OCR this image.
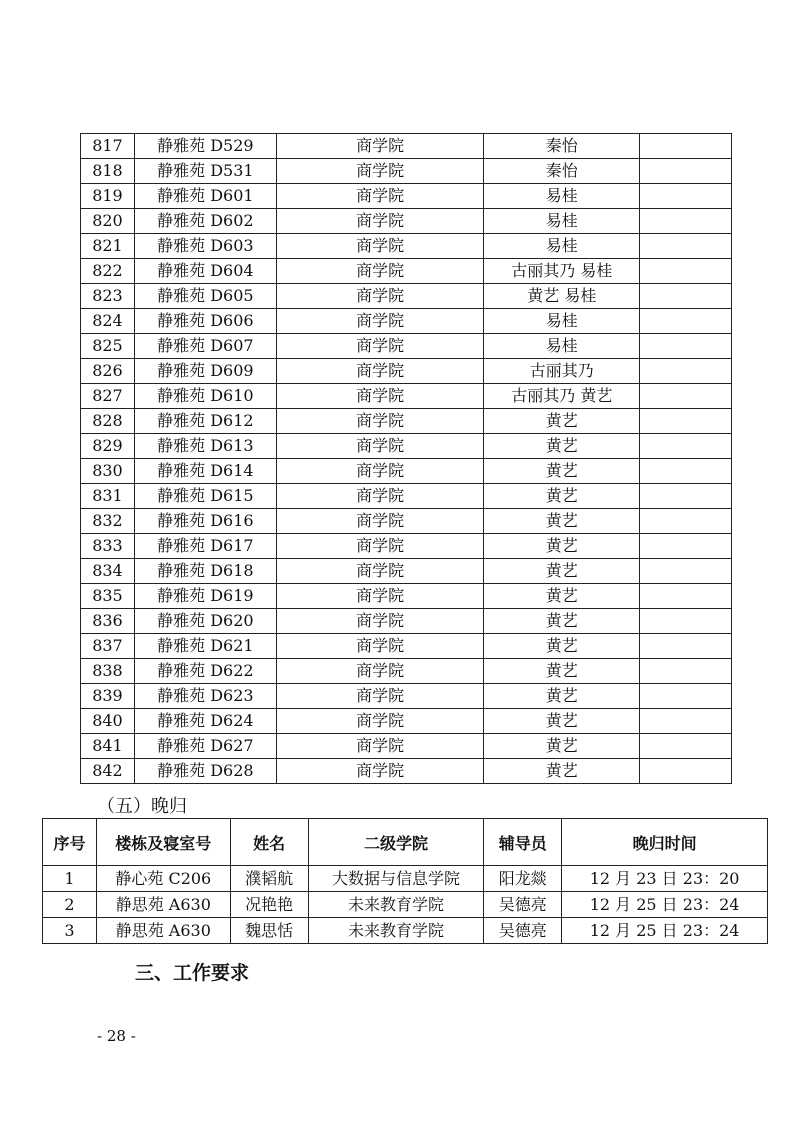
817	静雅苑 D529	商学院	秦怡	
818	静雅苑 D531	商学院	秦怡	
819	静雅苑 D601	商学院	易桂	
820	静雅苑 D602	商学院	易桂	
821	静雅苑 D603	商学院	易桂	
822	静雅苑 D604	商学院	古丽其乃 易桂	
823	静雅苑 D605	商学院	黄艺 易桂	
824	静雅苑 D606	商学院	易桂	
825	静雅苑 D607	商学院	易桂	
826	静雅苑 D609	商学院	古丽其乃	
827	静雅苑 D610	商学院	古丽其乃 黄艺	
828	静雅苑 D612	商学院	黄艺	
829	静雅苑 D613	商学院	黄艺	
830	静雅苑 D614	商学院	黄艺	
831	静雅苑 D615	商学院	黄艺	
832	静雅苑 D616	商学院	黄艺	
833	静雅苑 D617	商学院	黄艺	
834	静雅苑 D618	商学院	黄艺	
835	静雅苑 D619	商学院	黄艺	
836	静雅苑 D620	商学院	黄艺	
837	静雅苑 D621	商学院	黄艺	
838	静雅苑 D622	商学院	黄艺	
839	静雅苑 D623	商学院	黄艺	
840	静雅苑 D624	商学院	黄艺	
841	静雅苑 D627	商学院	黄艺	
842	静雅苑 D628	商学院	黄艺	
（五）晚归
序号	楼栋及寝室号	姓名	二级学院	辅导员	晚归时间
1	静心苑 C206	濮韬航	大数据与信息学院	阳龙燚	12 月 23 日 23：20
2	静思苑 A630	况艳艳	未来教育学院	吴德亮	12 月 25 日 23：24
3	静思苑 A630	魏思恬	未来教育学院	吴德亮	12 月 25 日 23：24
三、工作要求
- 28 -
